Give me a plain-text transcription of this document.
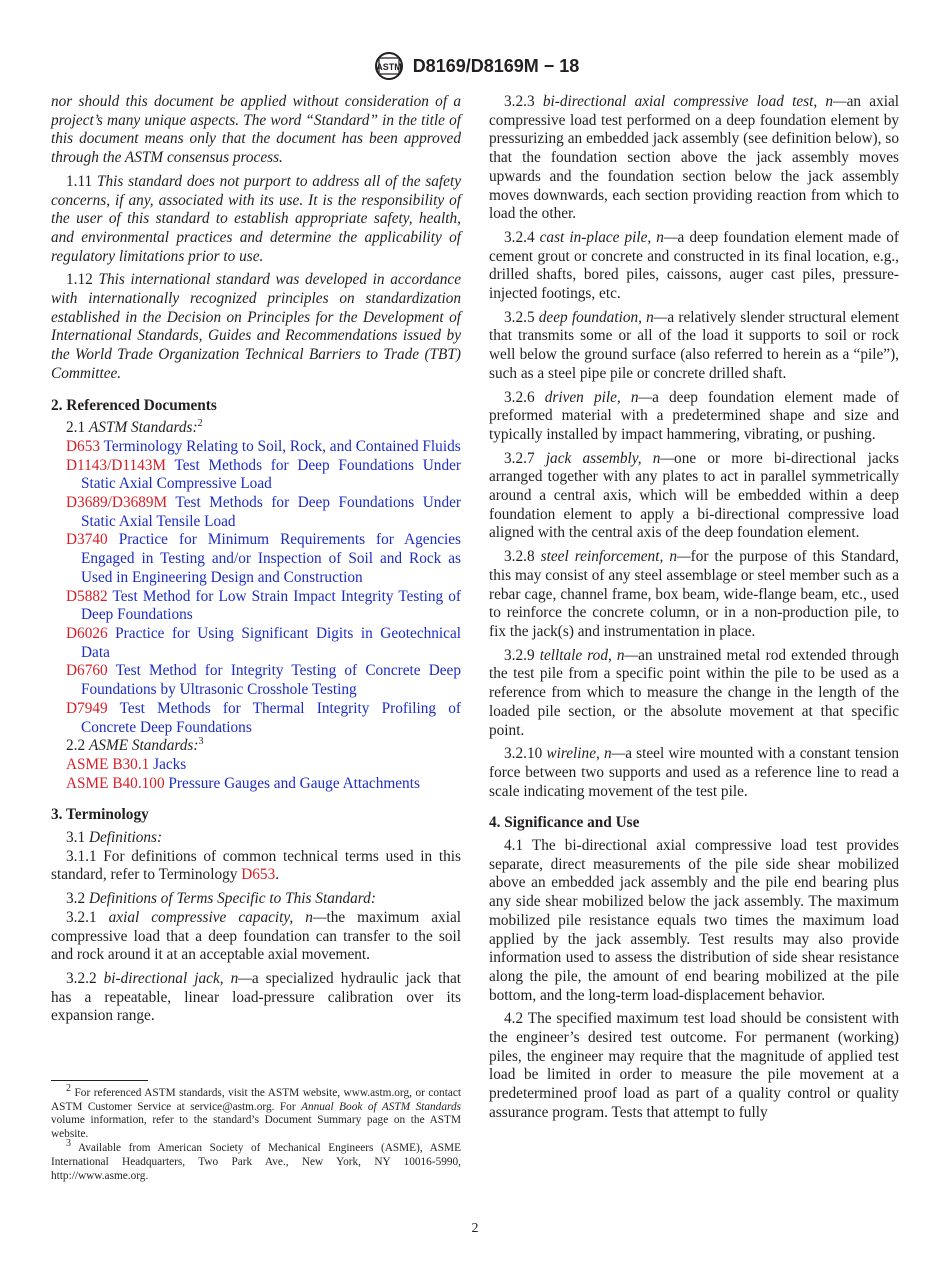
ASTM D8169/D8169M − 18

nor should this document be applied without consideration of a project’s many unique aspects. The word “Standard” in the title of this document means only that the document has been approved through the ASTM consensus process.

1.11 This standard does not purport to address all of the safety concerns, if any, associated with its use. It is the responsibility of the user of this standard to establish appropriate safety, health, and environmental practices and determine the applicability of regulatory limitations prior to use.

1.12 This international standard was developed in accordance with internationally recognized principles on standardization established in the Decision on Principles for the Development of International Standards, Guides and Recommendations issued by the World Trade Organization Technical Barriers to Trade (TBT) Committee.

2. Referenced Documents

2.1 ASTM Standards:$^2$

D653 Terminology Relating to Soil, Rock, and Contained Fluids

D1143/D1143M Test Methods for Deep Foundations Under Static Axial Compressive Load

D3689/D3689M Test Methods for Deep Foundations Under Static Axial Tensile Load

D3740 Practice for Minimum Requirements for Agencies Engaged in Testing and/or Inspection of Soil and Rock as Used in Engineering Design and Construction

D5882 Test Method for Low Strain Impact Integrity Testing of Deep Foundations

D6026 Practice for Using Significant Digits in Geotechnical Data

D6760 Test Method for Integrity Testing of Concrete Deep Foundations by Ultrasonic Crosshole Testing

D7949 Test Methods for Thermal Integrity Profiling of Concrete Deep Foundations

2.2 ASME Standards:$^3$

ASME B30.1 Jacks

ASME B40.100 Pressure Gauges and Gauge Attachments

3. Terminology

3.1 Definitions:

3.1.1 For definitions of common technical terms used in this standard, refer to Terminology D653.

3.2 Definitions of Terms Specific to This Standard:

3.2.1 axial compressive capacity, n—the maximum axial compressive load that a deep foundation can transfer to the soil and rock around it at an acceptable axial movement.

3.2.2 bi-directional jack, n—a specialized hydraulic jack that has a repeatable, linear load-pressure calibration over its expansion range.

$^2$ For referenced ASTM standards, visit the ASTM website, www.astm.org, or contact ASTM Customer Service at service@astm.org. For Annual Book of ASTM Standards volume information, refer to the standard’s Document Summary page on the ASTM website.

$^3$ Available from American Society of Mechanical Engineers (ASME), ASME International Headquarters, Two Park Ave., New York, NY 10016-5990, http://www.asme.org.

3.2.3 bi-directional axial compressive load test, n—an axial compressive load test performed on a deep foundation element by pressurizing an embedded jack assembly (see definition below), so that the foundation section above the jack assembly moves upwards and the foundation section below the jack assembly moves downwards, each section providing reaction from which to load the other.

3.2.4 cast in-place pile, n—a deep foundation element made of cement grout or concrete and constructed in its final location, e.g., drilled shafts, bored piles, caissons, auger cast piles, pressure-injected footings, etc.

3.2.5 deep foundation, n—a relatively slender structural element that transmits some or all of the load it supports to soil or rock well below the ground surface (also referred to herein as a “pile”), such as a steel pipe pile or concrete drilled shaft.

3.2.6 driven pile, n—a deep foundation element made of preformed material with a predetermined shape and size and typically installed by impact hammering, vibrating, or pushing.

3.2.7 jack assembly, n—one or more bi-directional jacks arranged together with any plates to act in parallel symmetrically around a central axis, which will be embedded within a deep foundation element to apply a bi-directional compressive load aligned with the central axis of the deep foundation element.

3.2.8 steel reinforcement, n—for the purpose of this Standard, this may consist of any steel assemblage or steel member such as a rebar cage, channel frame, box beam, wide-flange beam, etc., used to reinforce the concrete column, or in a non-production pile, to fix the jack(s) and instrumentation in place.

3.2.9 telltale rod, n—an unstrained metal rod extended through the test pile from a specific point within the pile to be used as a reference from which to measure the change in the length of the loaded pile section, or the absolute movement at that specific point.

3.2.10 wireline, n—a steel wire mounted with a constant tension force between two supports and used as a reference line to read a scale indicating movement of the test pile.

4. Significance and Use

4.1 The bi-directional axial compressive load test provides separate, direct measurements of the pile side shear mobilized above an embedded jack assembly and the pile end bearing plus any side shear mobilized below the jack assembly. The maximum mobilized pile resistance equals two times the maximum load applied by the jack assembly. Test results may also provide information used to assess the distribution of side shear resistance along the pile, the amount of end bearing mobilized at the pile bottom, and the long-term load-displacement behavior.

4.2 The specified maximum test load should be consistent with the engineer’s desired test outcome. For permanent (working) piles, the engineer may require that the magnitude of applied test load be limited in order to measure the pile movement at a predetermined proof load as part of a quality control or quality assurance program. Tests that attempt to fully

2
